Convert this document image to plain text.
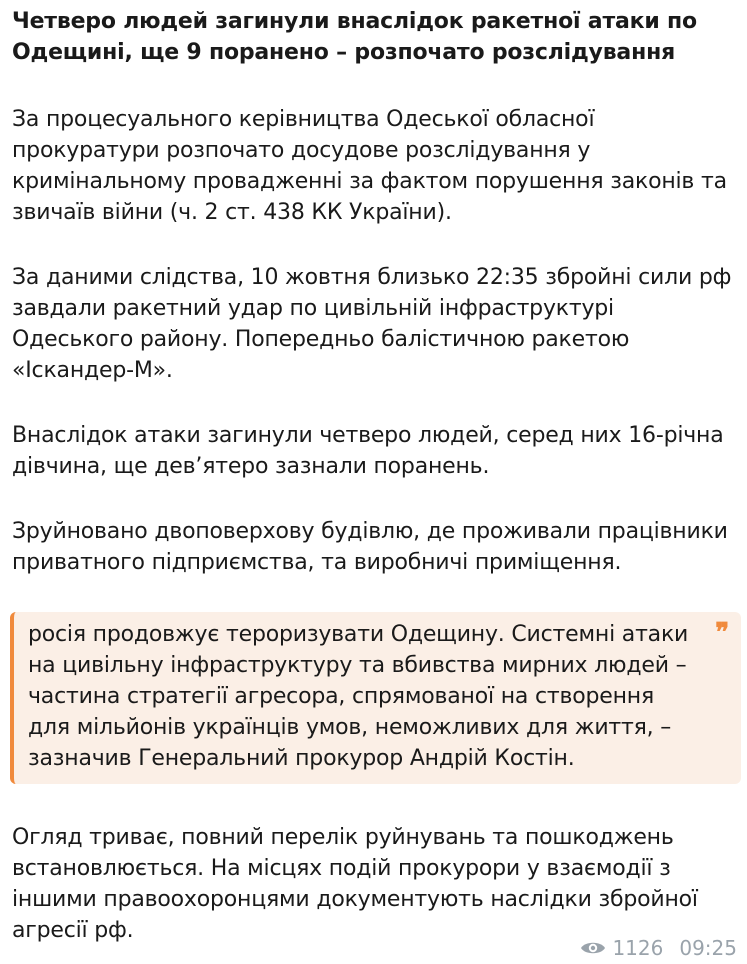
Четверо людей загинули внаслідок ракетної атаки по Одещині, ще 9 поранено – розпочато розслідування

За процесуального керівництва Одеської обласної прокуратури розпочато досудове розслідування у кримінальному провадженні за фактом порушення законів та звичаїв війни (ч. 2 ст. 438 КК України).

За даними слідства, 10 жовтня близько 22:35 збройні сили рф завдали ракетний удар по цивільній інфраструктурі Одеського району. Попередньо балістичною ракетою «Іскандер-М».

Внаслідок атаки загинули четверо людей, серед них 16-річна дівчина, ще дев’ятеро зазнали поранень.

Зруйновано двоповерхову будівлю, де проживали працівники приватного підприємства, та виробничі приміщення.

❞
росія продовжує тероризувати Одещину. Системні атаки на цивільну інфраструктуру та вбивства мирних людей – частина стратегії агресора, спрямованої на створення для мільйонів українців умов, неможливих для життя, – зазначив Генеральний прокурор Андрій Костін.

Огляд триває, повний перелік руйнувань та пошкоджень встановлюється. На місцях подій прокурори у взаємодії з іншими правоохоронцями документують наслідки збройної агресії рф.

1126 09:25
